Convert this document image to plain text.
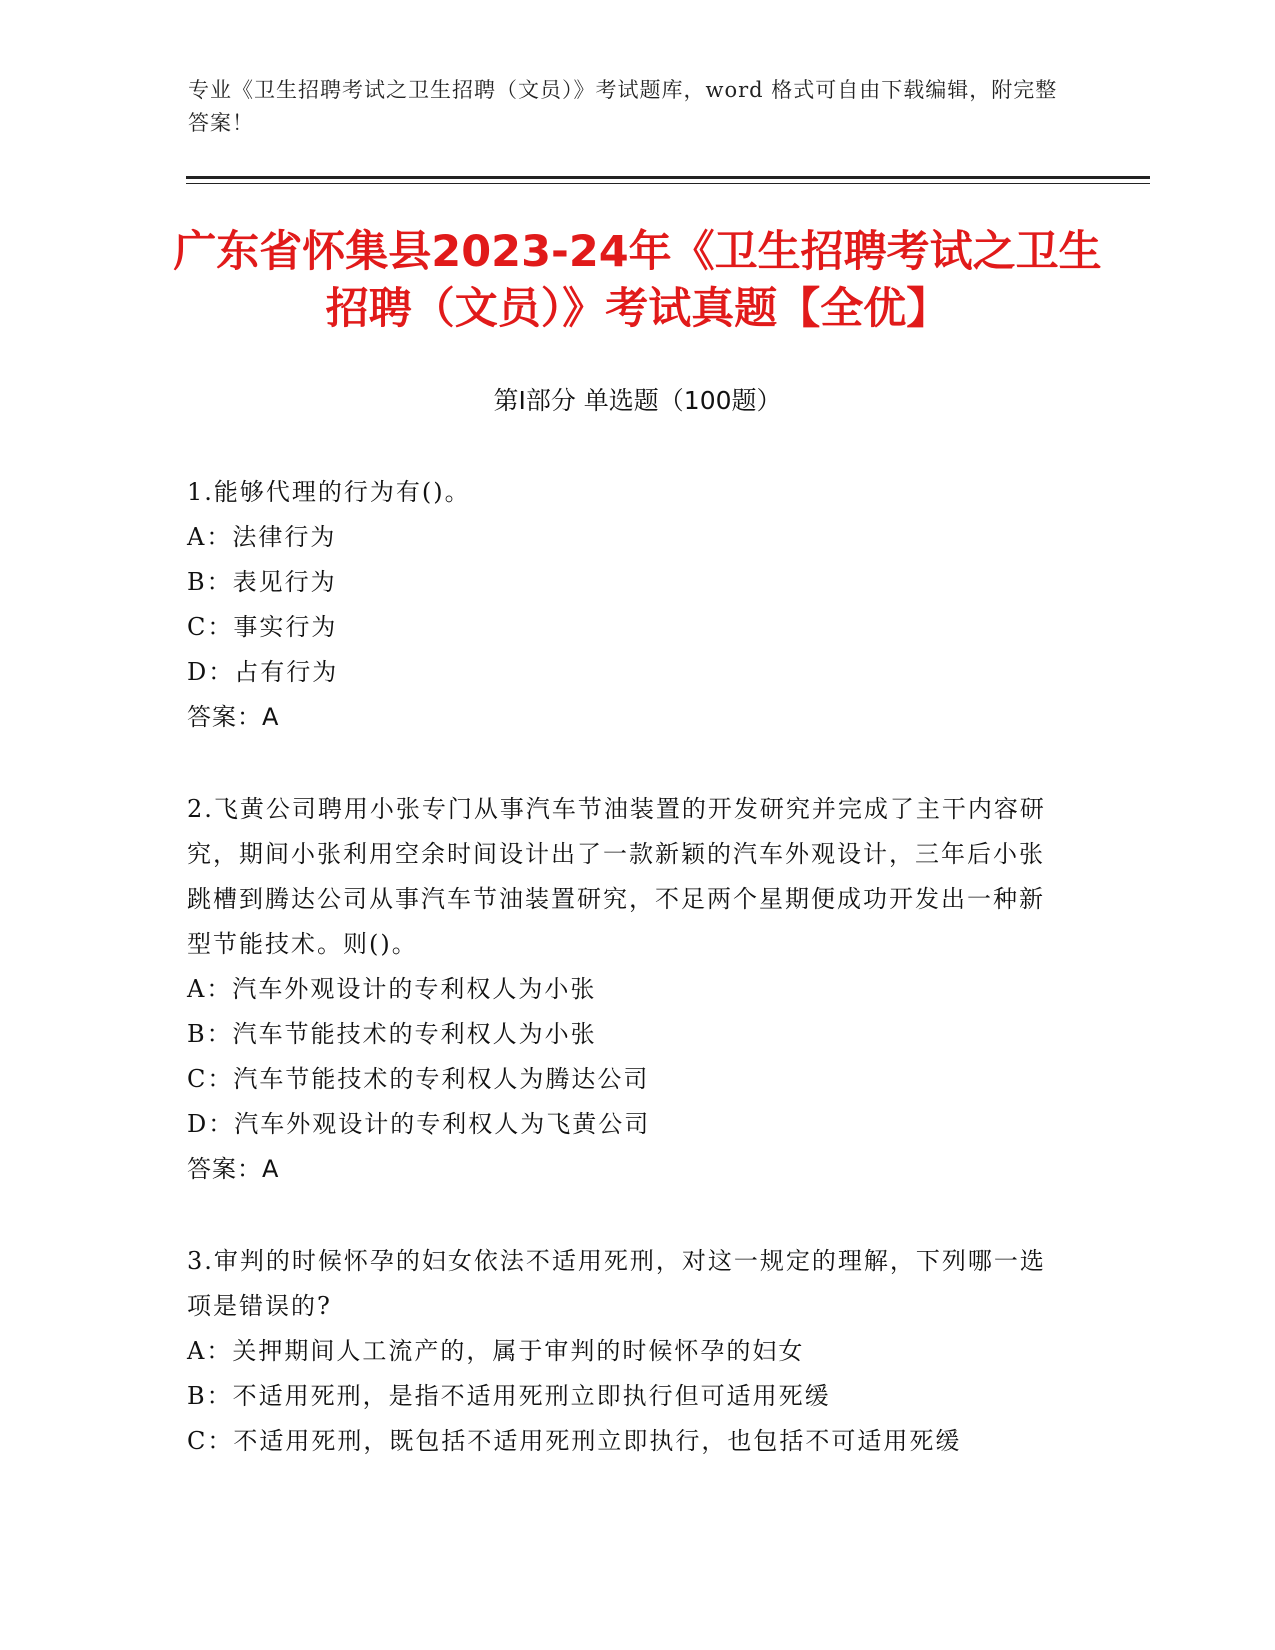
专业《卫生招聘考试之卫生招聘（文员）》考试题库，word 格式可自由下载编辑，附完整答案！
广东省怀集县2023-24年《卫生招聘考试之卫生招聘（文员）》考试真题【全优】
第I部分 单选题（100题）
1.能够代理的行为有()。
A：法律行为
B：表见行为
C：事实行为
D：占有行为
答案：A
2.飞黄公司聘用小张专门从事汽车节油装置的开发研究并完成了主干内容研究，期间小张利用空余时间设计出了一款新颖的汽车外观设计，三年后小张跳槽到腾达公司从事汽车节油装置研究，不足两个星期便成功开发出一种新型节能技术。则()。
A：汽车外观设计的专利权人为小张
B：汽车节能技术的专利权人为小张
C：汽车节能技术的专利权人为腾达公司
D：汽车外观设计的专利权人为飞黄公司
答案：A
3.审判的时候怀孕的妇女依法不适用死刑，对这一规定的理解，下列哪一选项是错误的?
A：关押期间人工流产的，属于审判的时候怀孕的妇女
B：不适用死刑，是指不适用死刑立即执行但可适用死缓
C：不适用死刑，既包括不适用死刑立即执行，也包括不可适用死缓
